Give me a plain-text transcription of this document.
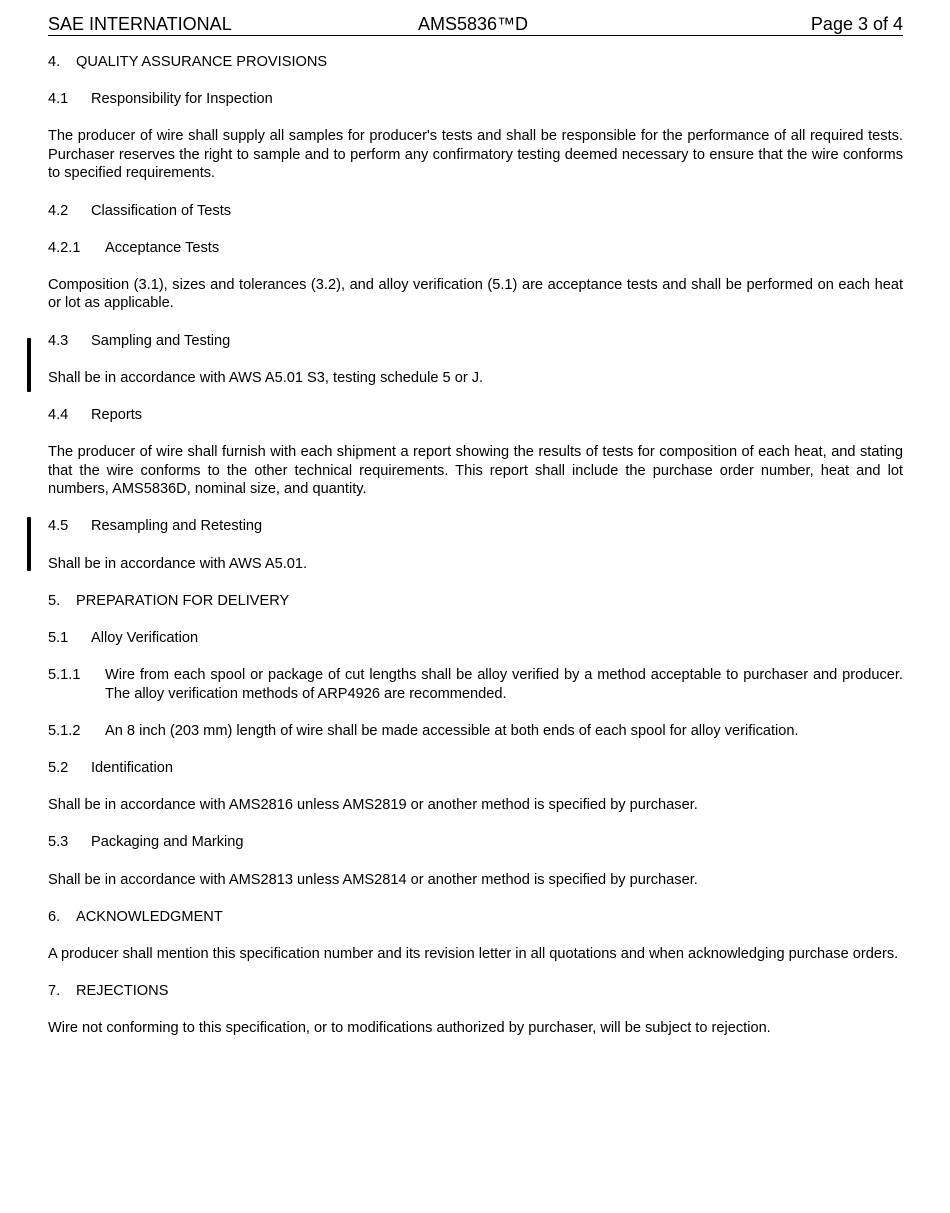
SAE INTERNATIONAL	AMS5836™D	Page 3 of 4
4. QUALITY ASSURANCE PROVISIONS
4.1 Responsibility for Inspection
The producer of wire shall supply all samples for producer's tests and shall be responsible for the performance of all required tests. Purchaser reserves the right to sample and to perform any confirmatory testing deemed necessary to ensure that the wire conforms to specified requirements.
4.2 Classification of Tests
4.2.1 Acceptance Tests
Composition (3.1), sizes and tolerances (3.2), and alloy verification (5.1) are acceptance tests and shall be performed on each heat or lot as applicable.
4.3 Sampling and Testing
Shall be in accordance with AWS A5.01 S3, testing schedule 5 or J.
4.4 Reports
The producer of wire shall furnish with each shipment a report showing the results of tests for composition of each heat, and stating that the wire conforms to the other technical requirements. This report shall include the purchase order number, heat and lot numbers, AMS5836D, nominal size, and quantity.
4.5 Resampling and Retesting
Shall be in accordance with AWS A5.01.
5. PREPARATION FOR DELIVERY
5.1 Alloy Verification
5.1.1 Wire from each spool or package of cut lengths shall be alloy verified by a method acceptable to purchaser and producer. The alloy verification methods of ARP4926 are recommended.
5.1.2 An 8 inch (203 mm) length of wire shall be made accessible at both ends of each spool for alloy verification.
5.2 Identification
Shall be in accordance with AMS2816 unless AMS2819 or another method is specified by purchaser.
5.3 Packaging and Marking
Shall be in accordance with AMS2813 unless AMS2814 or another method is specified by purchaser.
6. ACKNOWLEDGMENT
A producer shall mention this specification number and its revision letter in all quotations and when acknowledging purchase orders.
7. REJECTIONS
Wire not conforming to this specification, or to modifications authorized by purchaser, will be subject to rejection.
